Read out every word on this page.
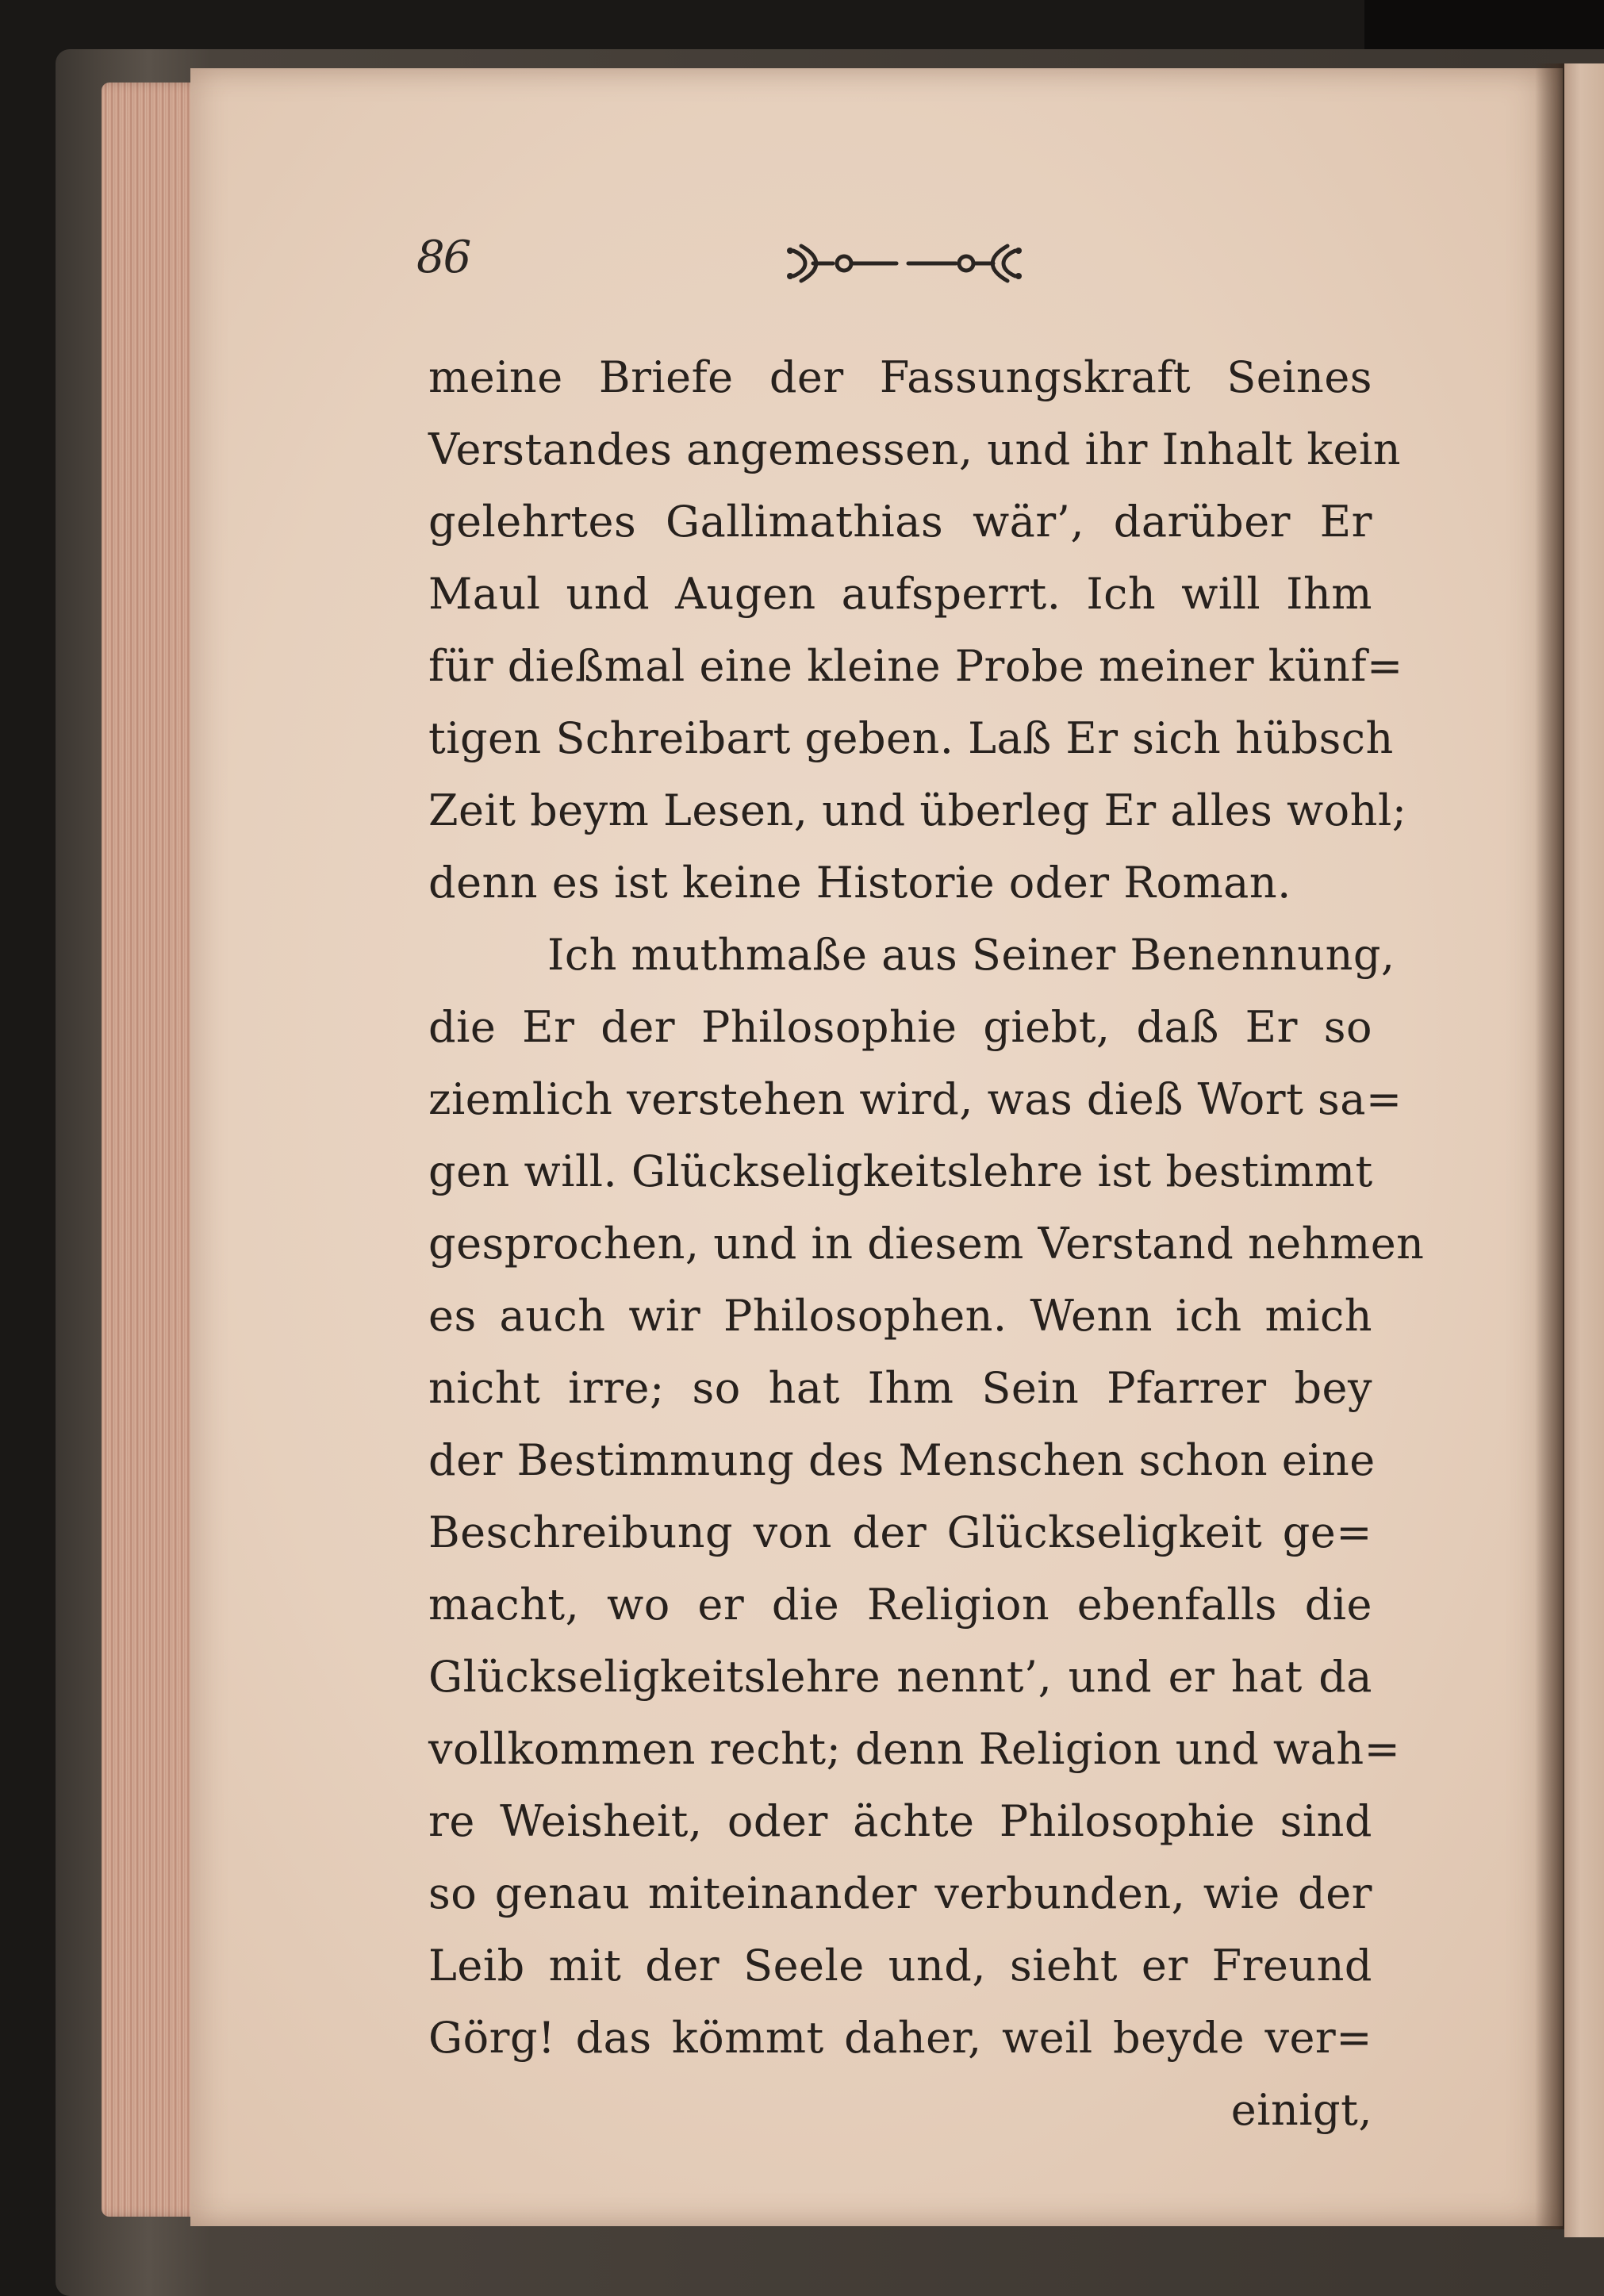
86
meine Briefe der Fassungskraft Seines
Verstandes angemessen, und ihr Inhalt kein
gelehrtes Gallimathias wär’, darüber Er
Maul und Augen aufsperrt. Ich will Ihm
für dießmal eine kleine Probe meiner künf=
tigen Schreibart geben. Laß Er sich hübsch
Zeit beym Lesen, und überleg Er alles wohl;
denn es ist keine Historie oder Roman.
Ich muthmaße aus Seiner Benennung,
die Er der Philosophie giebt, daß Er so
ziemlich verstehen wird, was dieß Wort sa=
gen will. Glückseligkeitslehre ist bestimmt
gesprochen, und in diesem Verstand nehmen
es auch wir Philosophen. Wenn ich mich
nicht irre; so hat Ihm Sein Pfarrer bey
der Bestimmung des Menschen schon eine
Beschreibung von der Glückseligkeit ge=
macht, wo er die Religion ebenfalls die
Glückseligkeitslehre nennt’, und er hat da
vollkommen recht; denn Religion und wah=
re Weisheit, oder ächte Philosophie sind
so genau miteinander verbunden, wie der
Leib mit der Seele und, sieht er Freund
Görg! das kömmt daher, weil beyde ver=
einigt,
